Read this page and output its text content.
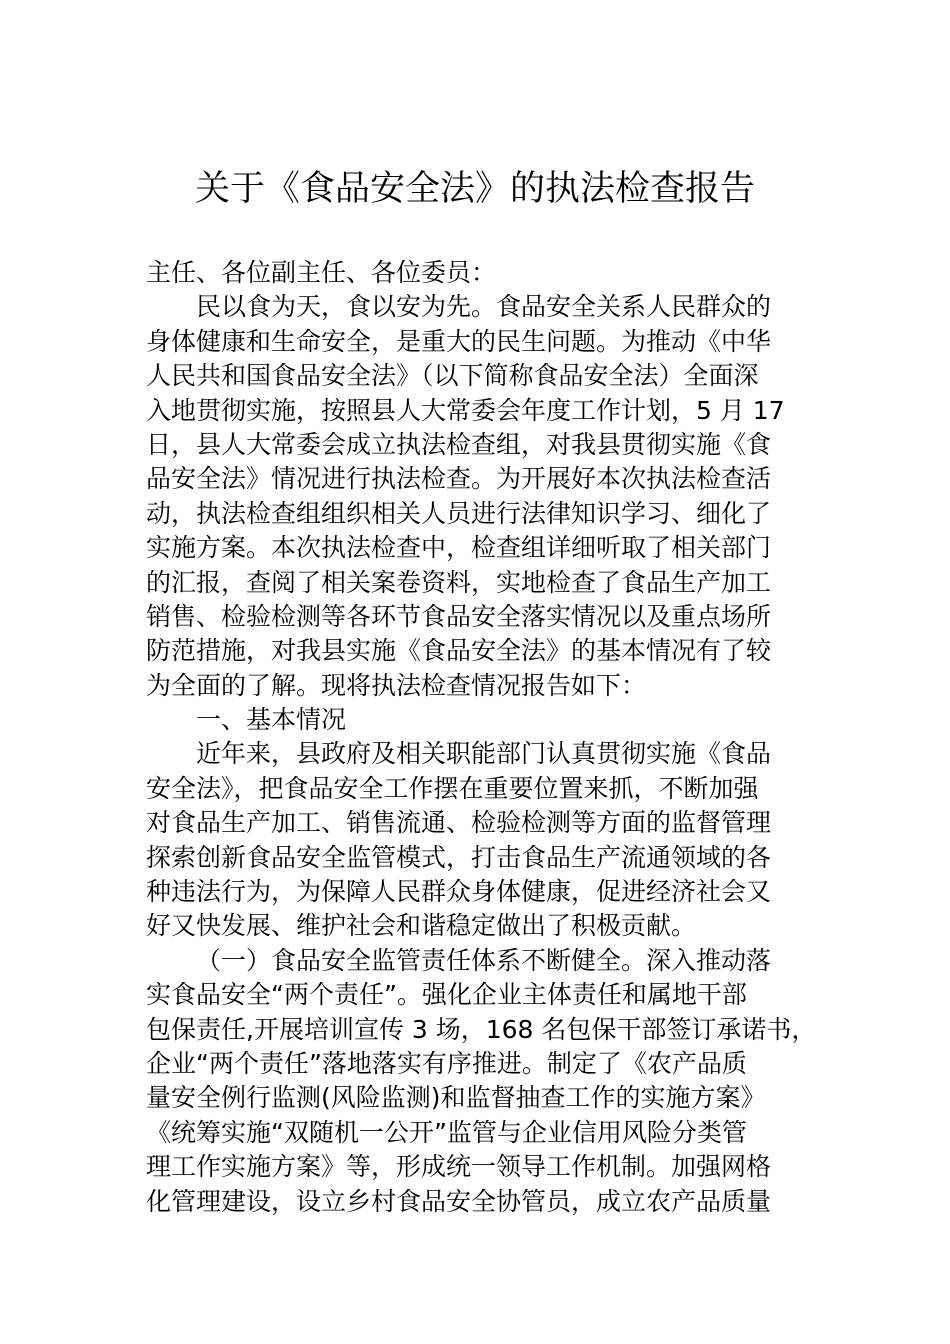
关于《食品安全法》的执法检查报告
主任、各位副主任、各位委员：
民以食为天，食以安为先。食品安全关系人民群众的
身体健康和生命安全，是重大的民生问题。为推动《中华
人民共和国食品安全法》（以下简称食品安全法）全面深
入地贯彻实施，按照县人大常委会年度工作计划，5 月 17
日，县人大常委会成立执法检查组，对我县贯彻实施《食
品安全法》情况进行执法检查。为开展好本次执法检查活
动，执法检查组组织相关人员进行法律知识学习、细化了
实施方案。本次执法检查中，检查组详细听取了相关部门
的汇报，查阅了相关案卷资料，实地检查了食品生产加工
销售、检验检测等各环节食品安全落实情况以及重点场所
防范措施，对我县实施《食品安全法》的基本情况有了较
为全面的了解。现将执法检查情况报告如下：
一、基本情况
近年来，县政府及相关职能部门认真贯彻实施《食品
安全法》，把食品安全工作摆在重要位置来抓，不断加强
对食品生产加工、销售流通、检验检测等方面的监督管理
探索创新食品安全监管模式，打击食品生产流通领域的各
种违法行为，为保障人民群众身体健康，促进经济社会又
好又快发展、维护社会和谐稳定做出了积极贡献。
（一）食品安全监管责任体系不断健全。深入推动落
实食品安全“两个责任”。强化企业主体责任和属地干部
包保责任,开展培训宣传 3 场，168 名包保干部签订承诺书，
企业“两个责任”落地落实有序推进。制定了《农产品质
量安全例行监测(风险监测)和监督抽查工作的实施方案》
《统筹实施“双随机一公开”监管与企业信用风险分类管
理工作实施方案》等，形成统一领导工作机制。加强网格
化管理建设，设立乡村食品安全协管员，成立农产品质量
